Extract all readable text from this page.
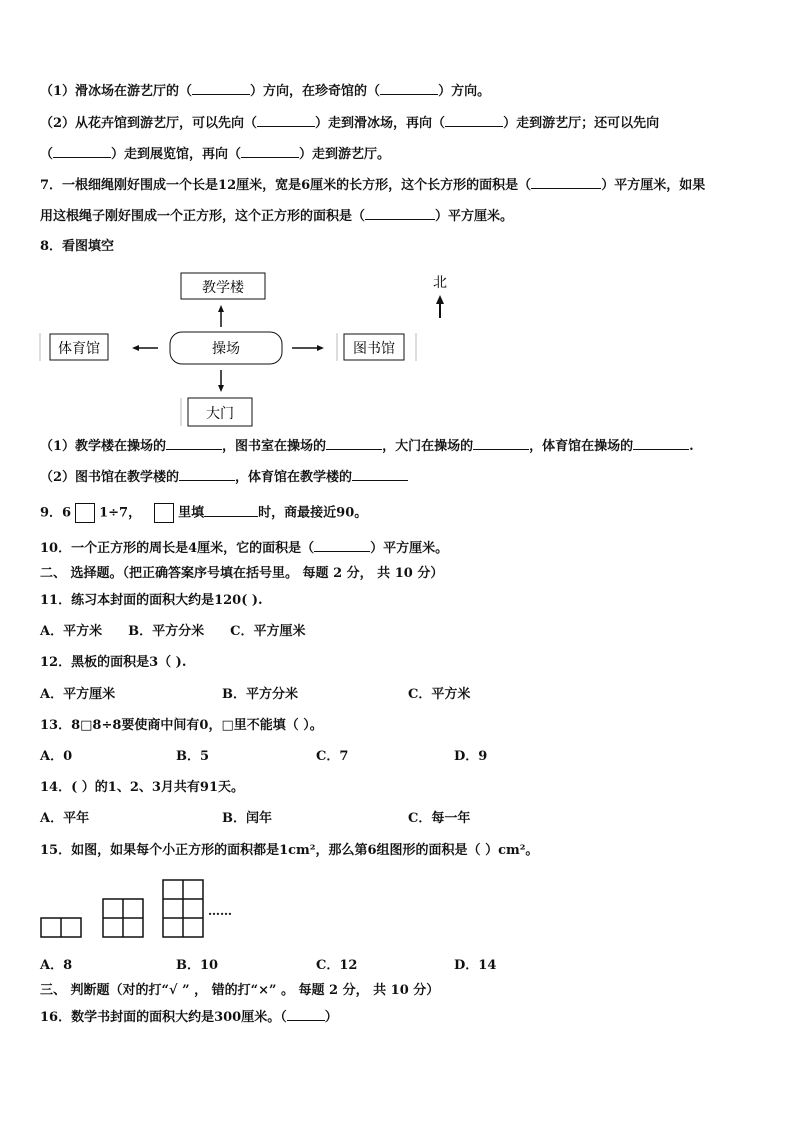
（1）滑冰场在游艺厅的（	）方向，在珍奇馆的（	）方向。
（2）从花卉馆到游艺厅，可以先向（	）走到滑冰场，再向（	）走到游艺厅；还可以先向
（	）走到展览馆，再向（	）走到游艺厅。
7．一根细绳刚好围成一个长是12厘米，宽是6厘米的长方形，这个长方形的面积是（	）平方厘米，如果
用这根绳子刚好围成一个正方形，这个正方形的面积是（	）平方厘米。
8．看图填空
教学楼
操场
体育馆	图书馆
大门
北
（1）教学楼在操场的	，图书室在操场的	，大门在操场的	，体育馆在操场的	.
（2）图书馆在教学楼的	，体育馆在教学楼的
9．6 1÷7，	里填	时，商最接近90。
10．一个正方形的周长是4厘米，它的面积是（	）平方厘米。
二、 选择题。（把正确答案序号填在括号里。 每题 2 分， 共 10 分）
11．练习本封面的面积大约是120( ).
A．平方米 B．平方分米 C．平方厘米
12．黑板的面积是3（ ).
A．平方厘米	B．平方分米	C．平方米
13．8□8÷8要使商中间有0，□里不能填（ ）。
A．0	B．5	C．7	D．9
14．( ）的1、2、3月共有91天。
A．平年	B．闰年	C．每一年
15．如图，如果每个小正方形的面积都是1cm²，那么第6组图形的面积是（ ）cm²。
……
A．8	B．10	C．12	D．14
三、 判断题（对的打“√ ” ， 错的打“×” 。 每题 2 分， 共 10 分）
16．数学书封面的面积大约是300厘米。（	）
